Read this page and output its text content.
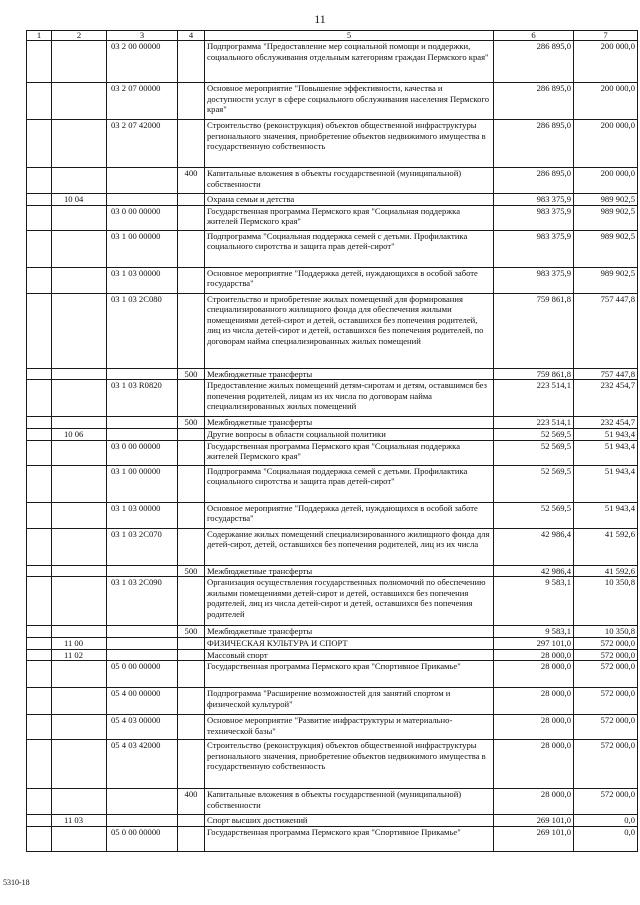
11
1	2	3	4	5	6	7
		03 2 00 00000		Подпрограмма "Предоставление мер социальной помощи и поддержки, социального обслуживания отдельным категориям граждан Пермского края"	286 895,0	200 000,0
		03 2 07 00000		Основное мероприятие "Повышение эффективности, качества и доступности услуг в сфере социального обслуживания населения Пермского края"	286 895,0	200 000,0
		03 2 07 42000		Строительство (реконструкция) объектов общественной инфраструктуры регионального значения, приобретение объектов недвижимого имущества в государственную собственность	286 895,0	200 000,0
			400	Капитальные вложения в объекты государственной (муниципальной) собственности	286 895,0	200 000,0
	10 04			Охрана семьи и детства	983 375,9	989 902,5
		03 0 00 00000		Государственная программа Пермского края "Социальная поддержка жителей Пермского края"	983 375,9	989 902,5
		03 1 00 00000		Подпрограмма "Социальная поддержка семей с детьми. Профилактика социального сиротства и защита прав детей-сирот"	983 375,9	989 902,5
		03 1 03 00000		Основное мероприятие "Поддержка детей, нуждающихся в особой заботе государства"	983 375,9	989 902,5
		03 1 03 2С080		Строительство и приобретение жилых помещений для формирования специализированного жилищного фонда для обеспечения жилыми помещениями детей-сирот и детей, оставшихся без попечения родителей, лиц из числа детей-сирот и детей, оставшихся без попечения родителей, по договорам найма специализированных жилых помещений	759 861,8	757 447,8
			500	Межбюджетные трансферты	759 861,8	757 447,8
		03 1 03 R0820		Предоставление жилых помещений детям-сиротам и детям, оставшимся без попечения родителей, лицам из их числа по договорам найма специализированных жилых помещений	223 514,1	232 454,7
			500	Межбюджетные трансферты	223 514,1	232 454,7
	10 06			Другие вопросы в области социальной политики	52 569,5	51 943,4
		03 0 00 00000		Государственная программа Пермского края "Социальная поддержка жителей Пермского края"	52 569,5	51 943,4
		03 1 00 00000		Подпрограмма "Социальная поддержка семей с детьми. Профилактика социального сиротства и защита прав детей-сирот"	52 569,5	51 943,4
		03 1 03 00000		Основное мероприятие "Поддержка детей, нуждающихся в особой заботе государства"	52 569,5	51 943,4
		03 1 03 2С070		Содержание жилых помещений специализированного жилищного фонда для детей-сирот, детей, оставшихся без попечения родителей, лиц из их числа	42 986,4	41 592,6
			500	Межбюджетные трансферты	42 986,4	41 592,6
		03 1 03 2С090		Организация осуществления государственных полномочий по обеспечению жилыми помещениями детей-сирот и детей, оставшихся без попечения родителей, лиц из числа детей-сирот и детей, оставшихся без попечения родителей	9 583,1	10 350,8
			500	Межбюджетные трансферты	9 583,1	10 350,8
	11 00			ФИЗИЧЕСКАЯ КУЛЬТУРА И СПОРТ	297 101,0	572 000,0
	11 02			Массовый спорт	28 000,0	572 000,0
		05 0 00 00000		Государственная программа Пермского края "Спортивное Прикамье"	28 000,0	572 000,0
		05 4 00 00000		Подпрограмма "Расширение возможностей для занятий спортом и физической культурой"	28 000,0	572 000,0
		05 4 03 00000		Основное мероприятие "Развитие инфраструктуры и материально-технической базы"	28 000,0	572 000,0
		05 4 03 42000		Строительство (реконструкция) объектов общественной инфраструктуры регионального значения, приобретение объектов недвижимого имущества в государственную собственность	28 000,0	572 000,0
			400	Капитальные вложения в объекты государственной (муниципальной) собственности	28 000,0	572 000,0
	11 03			Спорт высших достижений	269 101,0	0,0
		05 0 00 00000		Государственная программа Пермского края "Спортивное Прикамье"	269 101,0	0,0
5310-18
